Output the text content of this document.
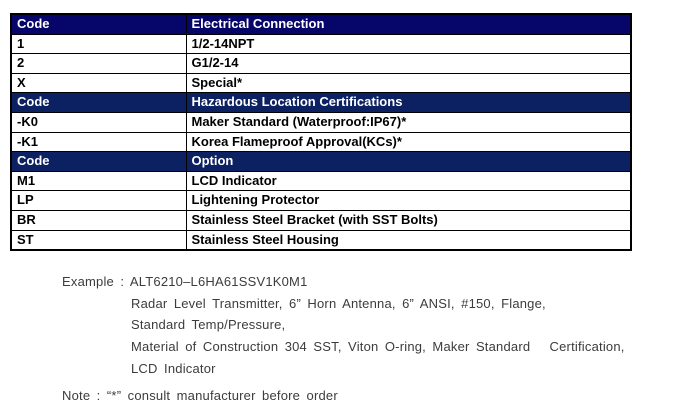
Code	Electrical Connection
1	1/2-14NPT
2	G1/2-14
X	Special*
Code	Hazardous Location Certifications
-K0	Maker Standard (Waterproof:IP67)*
-K1	Korea Flameproof Approval(KCs)*
Code	Option
M1	LCD Indicator
LP	Lightening Protector
BR	Stainless Steel Bracket (with SST Bolts)
ST	Stainless Steel Housing
Example : ALT6210–L6HA61SSV1K0M1
Radar Level Transmitter, 6” Horn Antenna, 6” ANSI, #150, Flange,
Standard Temp/Pressure,
Material of Construction 304 SST, Viton O-ring, Maker Standard   Certification,
LCD Indicator
Note : “*” consult manufacturer before order
